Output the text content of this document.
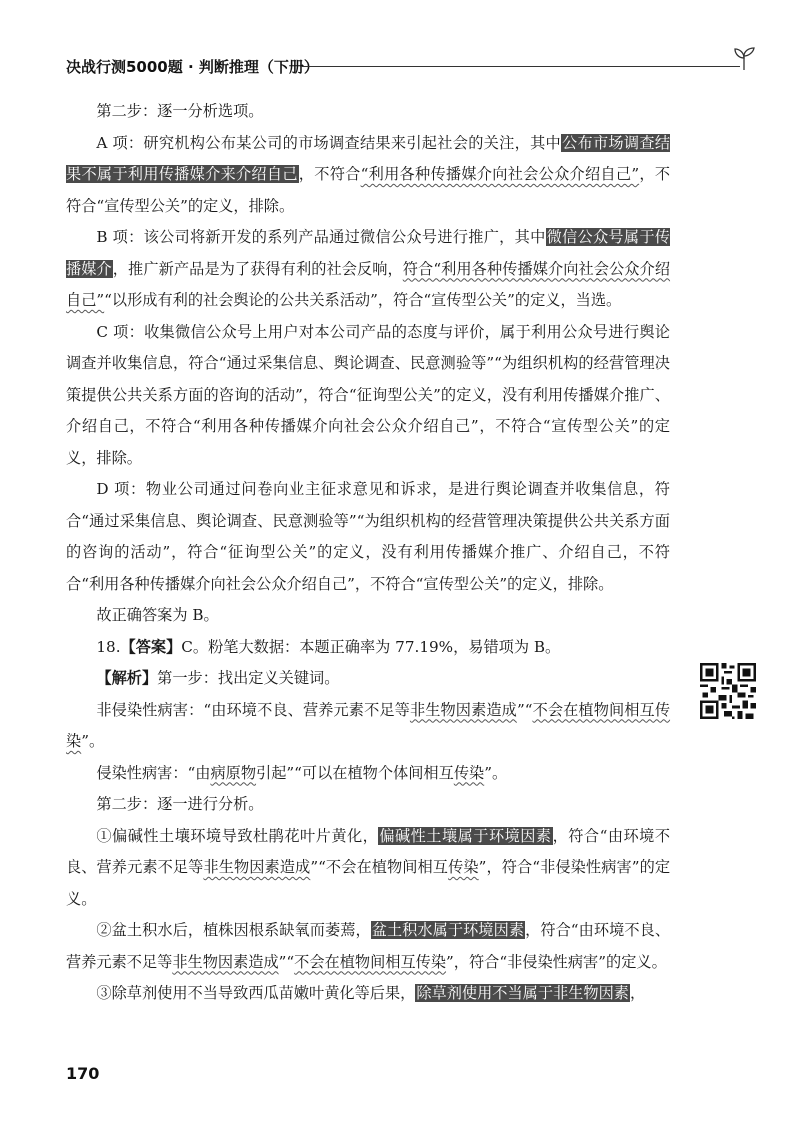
决战行测5000题 · 判断推理（下册）

第二步：逐一分析选项。

A 项：研究机构公布某公司的市场调查结果来引起社会的关注，其中公布市场调查结果不属于利用传播媒介来介绍自己，不符合“利用各种传播媒介向社会公众介绍自己”，不符合“宣传型公关”的定义，排除。

B 项：该公司将新开发的系列产品通过微信公众号进行推广，其中微信公众号属于传播媒介，推广新产品是为了获得有利的社会反响，符合“利用各种传播媒介向社会公众介绍自己”“以形成有利的社会舆论的公共关系活动”，符合“宣传型公关”的定义，当选。

C 项：收集微信公众号上用户对本公司产品的态度与评价，属于利用公众号进行舆论调查并收集信息，符合“通过采集信息、舆论调查、民意测验等”“为组织机构的经营管理决策提供公共关系方面的咨询的活动”，符合“征询型公关”的定义，没有利用传播媒介推广、介绍自己，不符合“利用各种传播媒介向社会公众介绍自己”，不符合“宣传型公关”的定义，排除。

D 项：物业公司通过问卷向业主征求意见和诉求，是进行舆论调查并收集信息，符合“通过采集信息、舆论调查、民意测验等”“为组织机构的经营管理决策提供公共关系方面的咨询的活动”，符合“征询型公关”的定义，没有利用传播媒介推广、介绍自己，不符合“利用各种传播媒介向社会公众介绍自己”，不符合“宣传型公关”的定义，排除。

故正确答案为 B。

18.【答案】C。粉笔大数据：本题正确率为 77.19%，易错项为 B。

【解析】第一步：找出定义关键词。

非侵染性病害：“由环境不良、营养元素不足等非生物因素造成”“不会在植物间相互传染”。

侵染性病害：“由病原物引起”“可以在植物个体间相互传染”。

第二步：逐一进行分析。

①偏碱性土壤环境导致杜鹃花叶片黄化，偏碱性土壤属于环境因素，符合“由环境不良、营养元素不足等非生物因素造成”“不会在植物间相互传染”，符合“非侵染性病害”的定义。

②盆土积水后，植株因根系缺氧而萎蔫，盆土积水属于环境因素，符合“由环境不良、营养元素不足等非生物因素造成”“不会在植物间相互传染”，符合“非侵染性病害”的定义。

③除草剂使用不当导致西瓜苗嫩叶黄化等后果，除草剂使用不当属于非生物因素，

170
